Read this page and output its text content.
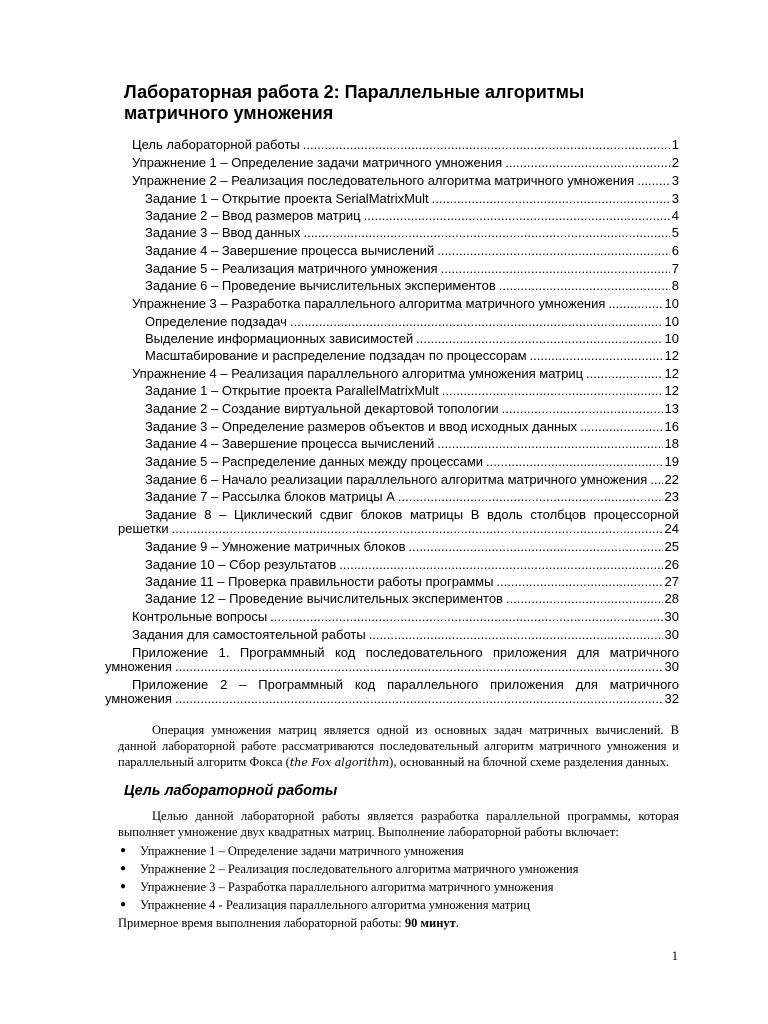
Лабораторная работа 2: Параллельные алгоритмы матричного умножения
Цель лабораторной работы .....	1
Упражнение 1 – Определение задачи матричного умножения .....	2
Упражнение 2 – Реализация последовательного алгоритма матричного умножения .....	3
Задание 1 – Открытие проекта SerialMatrixMult .....	3
Задание 2 – Ввод размеров матриц .....	4
Задание 3 – Ввод данных .....	5
Задание 4 – Завершение процесса вычислений .....	6
Задание 5 – Реализация матричного умножения .....	7
Задание 6 – Проведение вычислительных экспериментов .....	8
Упражнение 3 – Разработка параллельного алгоритма матричного умножения .....	10
Определение подзадач .....	10
Выделение информационных зависимостей .....	10
Масштабирование и распределение подзадач по процессорам .....	12
Упражнение 4 – Реализация параллельного алгоритма умножения матриц .....	12
Задание 1 – Открытие проекта ParallelMatrixMult .....	12
Задание 2 – Создание виртуальной декартовой топологии .....	13
Задание 3 – Определение размеров объектов и ввод исходных данных .....	16
Задание 4 – Завершение процесса вычислений .....	18
Задание 5 – Распределение данных между процессами .....	19
Задание 6 – Начало реализации параллельного алгоритма матричного умножения ..... 22
Задание 7 – Рассылка блоков матрицы А .....	23
Задание 8 – Циклический сдвиг блоков матрицы В вдоль столбцов процессорной
решетки .....	24
Задание 9 – Умножение матричных блоков .....	25
Задание 10 – Сбор результатов .....	26
Задание 11 – Проверка правильности работы программы .....	27
Задание 12 – Проведение вычислительных экспериментов .....	28
Контрольные вопросы .....	30
Задания для самостоятельной работы .....	30
Приложение 1. Программный код последовательного приложения для матричного
умножения .....	30
Приложение 2 – Программный код параллельного приложения для матричного
умножения .....	32

Операция умножения матриц является одной из основных задач матричных вычислений. В данной лабораторной работе рассматриваются последовательный алгоритм матричного умножения и параллельный алгоритм Фокса (the Fox algorithm), основанный на блочной схеме разделения данных.

Цель лабораторной работы

Целью данной лабораторной работы является разработка параллельной программы, которая выполняет умножение двух квадратных матриц. Выполнение лабораторной работы включает:

● Упражнение 1 – Определение задачи матричного умножения
● Упражнение 2 – Реализация последовательного алгоритма матричного умножения
● Упражнение 3 – Разработка параллельного алгоритма матричного умножения
● Упражнение 4 - Реализация параллельного алгоритма умножения матриц
Примерное время выполнения лабораторной работы: 90 минут.
1
